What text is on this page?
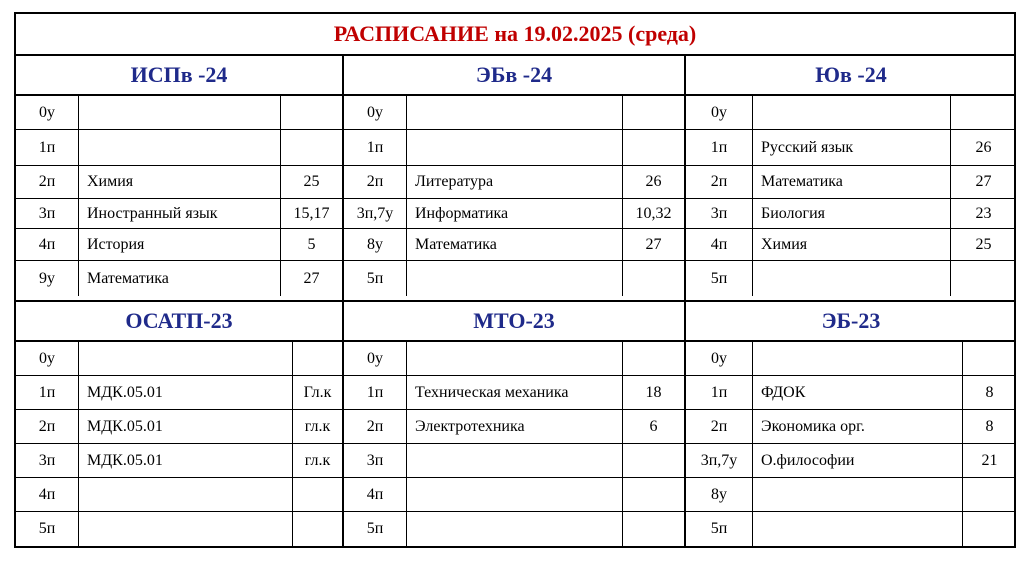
РАСПИСАНИЕ на 19.02.2025 (среда)
ИСПв -24
0у
1п
2п	Химия	25
3п	Иностранный язык	15,17
4п	История	5
9у	Математика	27
ЭБв -24
0у
1п
2п	Литература	26
3п,7у	Информатика	10,32
8у	Математика	27
5п
Юв -24
0у
1п	Русский язык	26
2п	Математика	27
3п	Биология	23
4п	Химия	25
5п
ОСАТП-23
0у
1п	МДК.05.01	Гл.к
2п	МДК.05.01	гл.к
3п	МДК.05.01	гл.к
4п
5п
МТО-23
0у
1п	Техническая механика	18
2п	Электротехника	6
3п
4п
5п
ЭБ-23
0у
1п	ФДОК	8
2п	Экономика орг.	8
3п,7у	О.философии	21
8у
5п
